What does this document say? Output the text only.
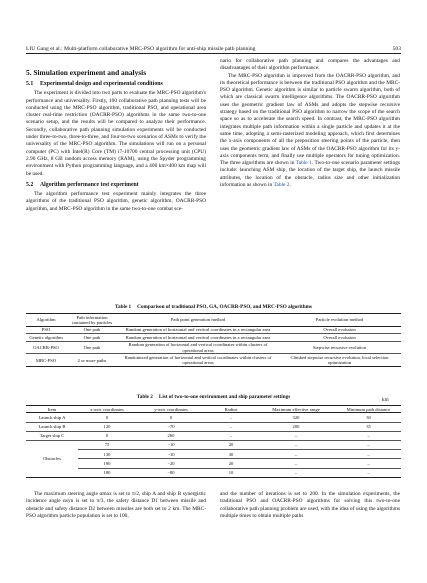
LIU Gang et al.: Multi-platform collaborative MRC-PSO algorithm for anti-ship missile path planning	503
5. Simulation experiment and analysis
5.1 Experimental design and experimental conditions

The experiment is divided into two parts to evaluate the MRC-PSO algorithm's performance and universality. Firstly, 100 collaborative path planning tests will be conducted using the MRC-PSO algorithm, traditional PSO, and operational area cluster real-time restriction (OACRR-PSO) algorithms in the same two-to-one scenario setup, and the results will be compared to analyze their performance. Secondly, collaborative path planning simulation experiments will be conducted under three-to-two, three-to-three, and four-to-two scenarios of ASMs to verify the universality of the MRC-PSO algorithm. The simulations will run on a personal computer (PC) with Intel(R) Core (TM) i7-10700 central processing unit (CPU) 2.90 GHz, 8 GB random access memory (RAM), using the Spyder programming environment with Python programming language, and a 400 km×400 km map will be used.

5.2 Algorithm performance test experiment

The algorithm performance test experiment mainly integrates the three algorithms of the traditional PSO algorithm, genetic algorithm, OACRR-PSO algorithm, and MRC-PSO algorithm in the same two-to-one combat sce-

nario for collaborative path planning and compares the advantages and disadvantages of their algorithm performance.

The MRC-PSO algorithm is improved from the OACRR-PSO algorithm, and its theoretical performance is between the traditional PSO algorithm and the MRC-PSO algorithm. Genetic algorithm is similar to particle swarm algorithm, both of which are classical swarm intelligence algorithms. The OACRR-PSO algorithm uses the geometric gradient law of ASMs and adopts the stepwise recursive strategy based on the traditional PSO algorithm to narrow the scope of the search space so as to accelerate the search speed. In contrast, the MRC-PSO algorithm integrates multiple path information within a single particle and updates it at the same time, adopting a semi-rasterized modeling approach, which first determines the x-axis components of all the preposition steering points of the particle, then uses the geometric gradient law of ASMs of the OACRR-PSO algorithm for its y-axis components term, and finally use multiple operators for tuning optimization. The three algorithms are shown in Table 1. Two-to-one scenario parameter settings include: launching ASM ship, the location of the target ship, the launch missile attributes, the location of the obstacle, radius size and other initialization information as shown in Table 2.

Table 1 Comparison of traditional PSO, GA, OACRR-PSO, and MRC-PSO algorithms
Algorithm	Path information contained by particles	Path point generation method	Particle evolution method
PSO	One path	Random generation of horizontal and vertical coordinates in a rectangular area	Overall evolution
Genetic algorithm	One path	Random generation of horizontal and vertical coordinates in a rectangular area	Overall evolution
OACRR-PSO	One path	Random generation of horizontal and vertical coordinates within clusters of operational areas	Stepwise recursive evolution
MRC-PSO	2 or more paths	Randomized generation of horizontal and vertical coordinates within clusters of operational areas	Climbed stepwise recursive evolution, local selection optimization
Table 2 List of two-to-one environment and ship parameter settings	km
Item	x-axis coordinates	y-axis coordinates	Radius	Maximum effective range	Minimum path distance
Launch ship A	0	0	–	320	30
Launch ship B	120	−70	–	200	35
Target ship C	0	260	–	–	–
Obstacles	75	−10	20	–	–
	130	−10	30	–	–
	190	−20	20	–	–
	180	−80	10	–	–

The maximum steering angle αmax is set to π/2, ship A and ship B synergistic incidence angle αsyn is set to π/3, the safety distance D1 between missile and obstacle and safety distance D2 between missiles are both set to 2 km. The MRC-PSO algorithm particle population is set to 100,

and the number of iterations is set to 200. In the simulation experiments, the traditional PSO and OACRR-PSO algorithms for solving this two-to-one collaborative path planning problem are used, with the idea of using the algorithms multiple times to obtain multiple paths
